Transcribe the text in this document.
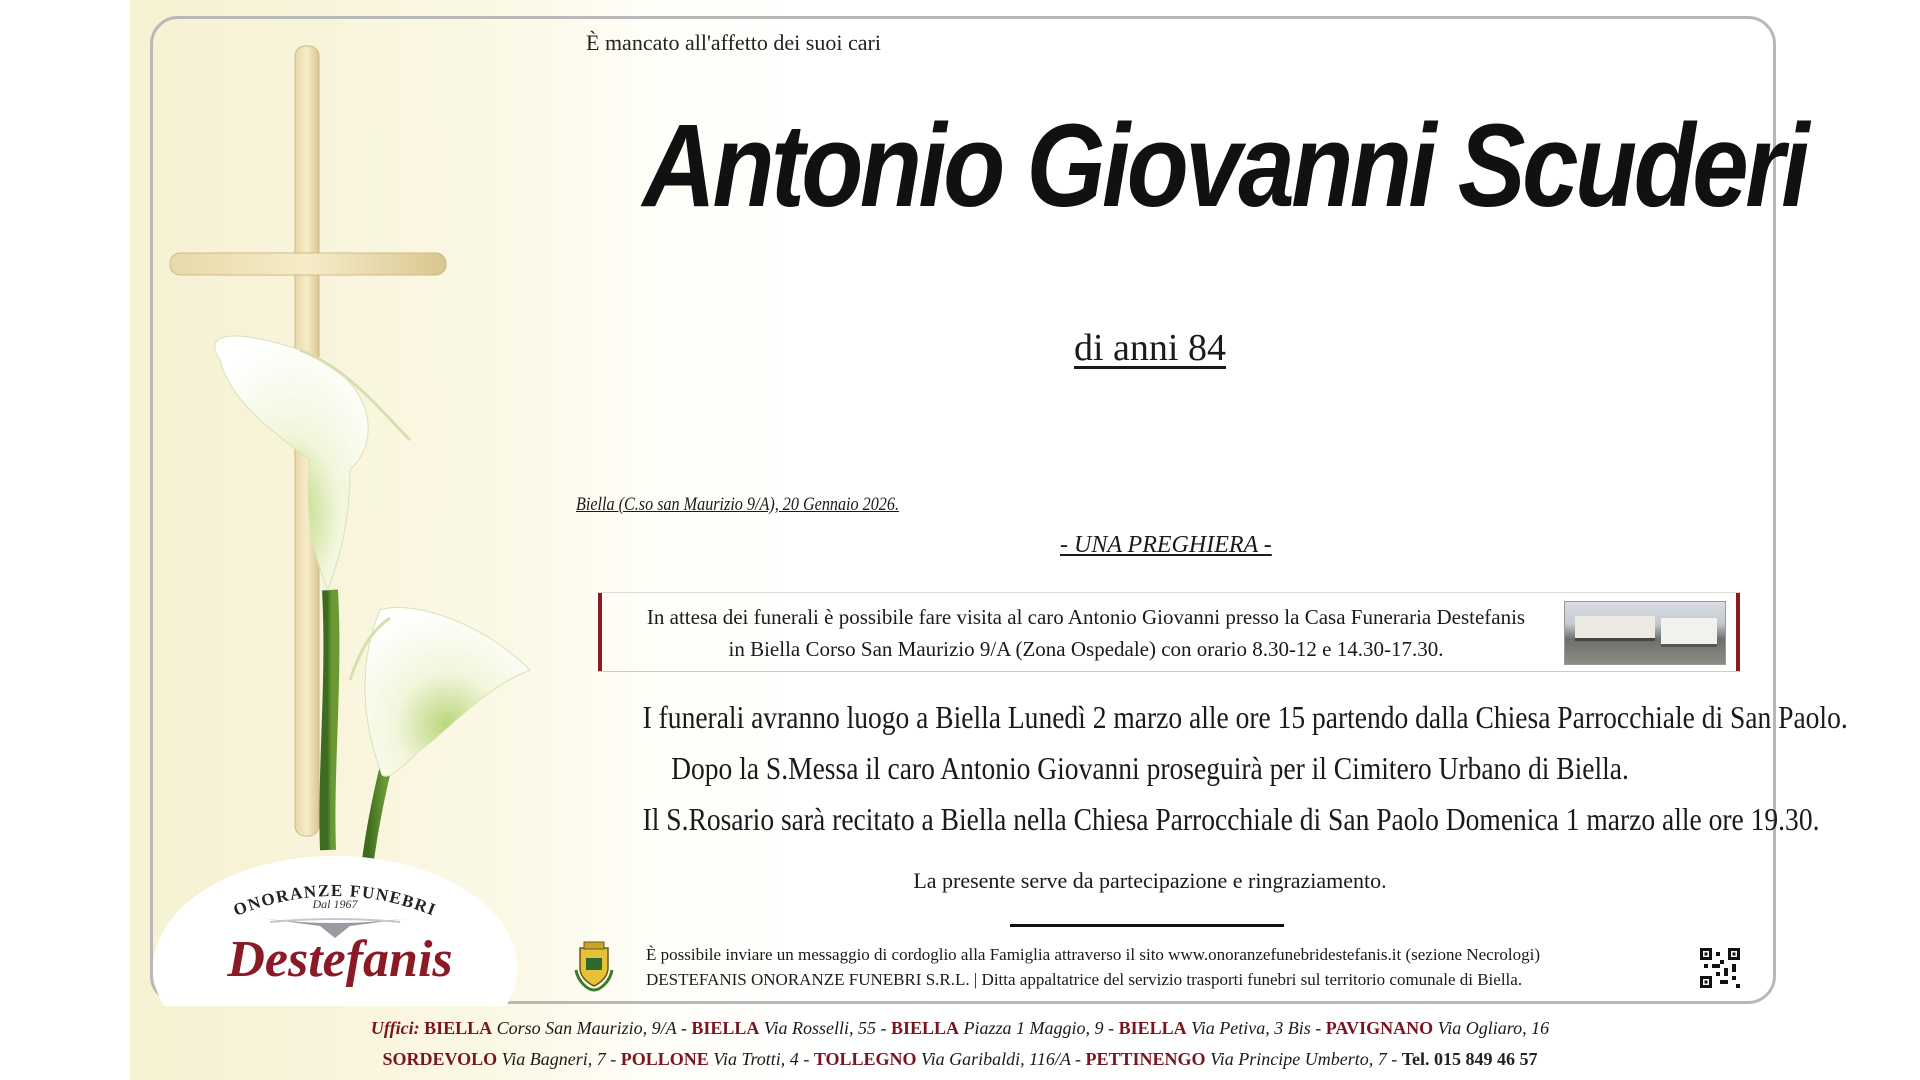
È mancato all'affetto dei suoi cari
Antonio Giovanni Scuderi
di anni 84
Biella (C.so san Maurizio 9/A), 20 Gennaio 2026.
- UNA PREGHIERA -
In attesa dei funerali è possibile fare visita al caro Antonio Giovanni presso la Casa Funeraria Destefanis
in Biella Corso San Maurizio 9/A (Zona Ospedale) con orario 8.30-12 e 14.30-17.30.
I funerali avranno luogo a Biella Lunedì 2 marzo alle ore 15 partendo dalla Chiesa Parrocchiale di San Paolo.
Dopo la S.Messa il caro Antonio Giovanni proseguirà per il Cimitero Urbano di Biella.
Il S.Rosario sarà recitato a Biella nella Chiesa Parrocchiale di San Paolo Domenica 1 marzo alle ore 19.30.
La presente serve da partecipazione e ringraziamento.
È possibile inviare un messaggio di cordoglio alla Famiglia attraverso il sito www.onoranzefunebridestefanis.it (sezione Necrologi)
DESTEFANIS ONORANZE FUNEBRI S.R.L. | Ditta appaltatrice del servizio trasporti funebri sul territorio comunale di Biella.
ONORANZE FUNEBRI
Dal 1967
Destefanis
Uffici: BIELLA Corso San Maurizio, 9/A - BIELLA Via Rosselli, 55 - BIELLA Piazza 1 Maggio, 9 - BIELLA Via Petiva, 3 Bis - PAVIGNANO Via Ogliaro, 16
SORDEVOLO Via Bagneri, 7 - POLLONE Via Trotti, 4 - TOLLEGNO Via Garibaldi, 116/A - PETTINENGO Via Principe Umberto, 7 - Tel. 015 849 46 57
